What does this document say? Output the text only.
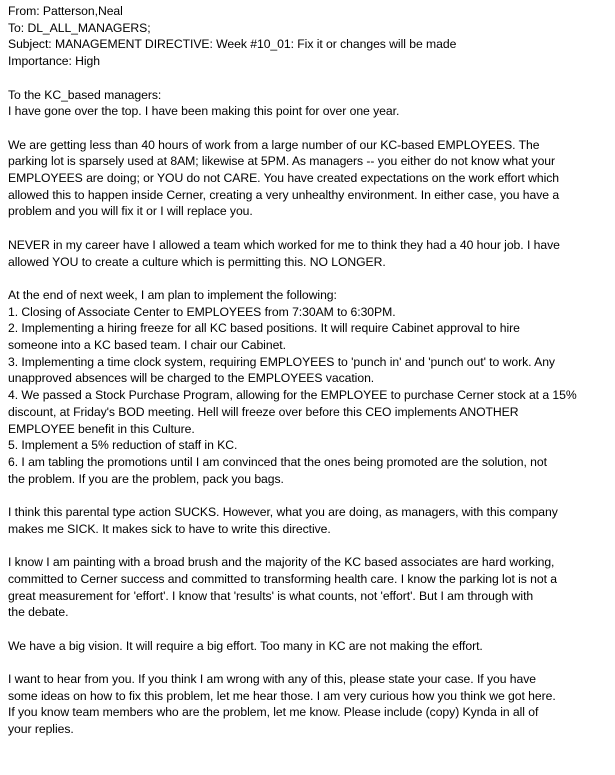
From: Patterson,Neal
To: DL_ALL_MANAGERS;
Subject: MANAGEMENT DIRECTIVE: Week #10_01: Fix it or changes will be made
Importance: High
To the KC_based managers:
I have gone over the top. I have been making this point for over one year.
We are getting less than 40 hours of work from a large number of our KC-based EMPLOYEES. The
parking lot is sparsely used at 8AM; likewise at 5PM. As managers -- you either do not know what your
EMPLOYEES are doing; or YOU do not CARE. You have created expectations on the work effort which
allowed this to happen inside Cerner, creating a very unhealthy environment. In either case, you have a
problem and you will fix it or I will replace you.
NEVER in my career have I allowed a team which worked for me to think they had a 40 hour job. I have
allowed YOU to create a culture which is permitting this. NO LONGER.
At the end of next week, I am plan to implement the following:
1. Closing of Associate Center to EMPLOYEES from 7:30AM to 6:30PM.
2. Implementing a hiring freeze for all KC based positions. It will require Cabinet approval to hire
someone into a KC based team. I chair our Cabinet.
3. Implementing a time clock system, requiring EMPLOYEES to 'punch in' and 'punch out' to work. Any
unapproved absences will be charged to the EMPLOYEES vacation.
4. We passed a Stock Purchase Program, allowing for the EMPLOYEE to purchase Cerner stock at a 15%
discount, at Friday's BOD meeting. Hell will freeze over before this CEO implements ANOTHER
EMPLOYEE benefit in this Culture.
5. Implement a 5% reduction of staff in KC.
6. I am tabling the promotions until I am convinced that the ones being promoted are the solution, not
the problem. If you are the problem, pack you bags.
I think this parental type action SUCKS. However, what you are doing, as managers, with this company
makes me SICK. It makes sick to have to write this directive.
I know I am painting with a broad brush and the majority of the KC based associates are hard working,
committed to Cerner success and committed to transforming health care. I know the parking lot is not a
great measurement for 'effort'. I know that 'results' is what counts, not 'effort'. But I am through with
the debate.
We have a big vision. It will require a big effort. Too many in KC are not making the effort.
I want to hear from you. If you think I am wrong with any of this, please state your case. If you have
some ideas on how to fix this problem, let me hear those. I am very curious how you think we got here.
If you know team members who are the problem, let me know. Please include (copy) Kynda in all of
your replies.
